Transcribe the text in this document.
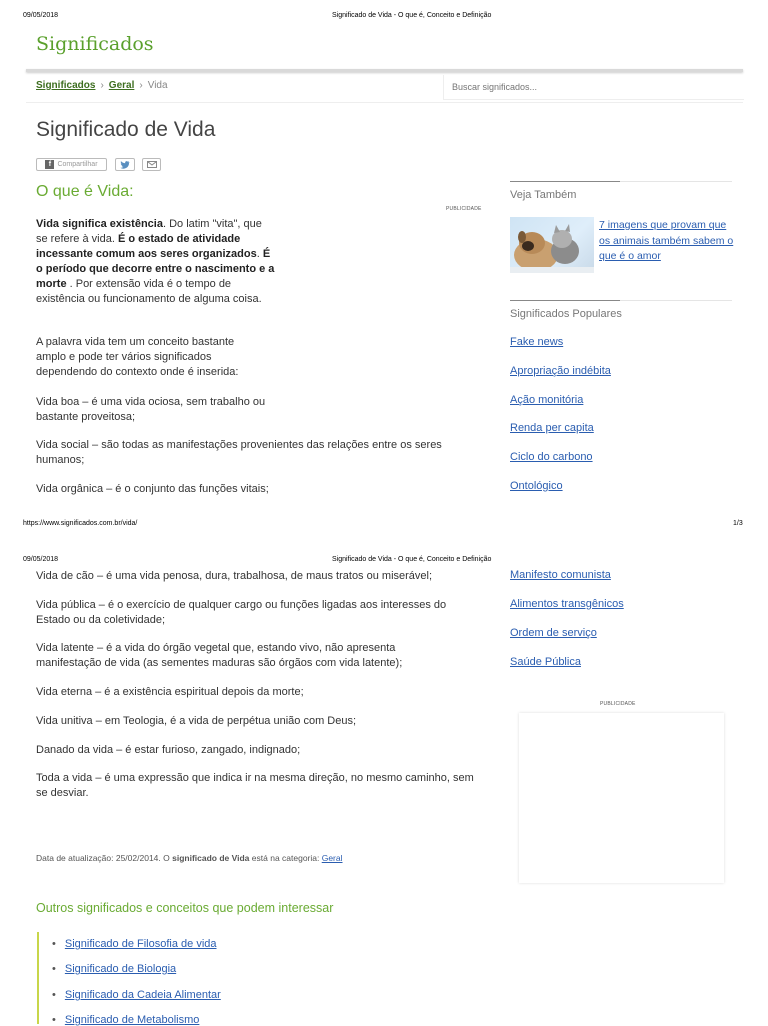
09/05/2018	Significado de Vida - O que é, Conceito e Definição
Significados
Significados › Geral › Vida
Buscar significados...
Significado de Vida
f Compartilhar
O que é Vida:
PUBLICIDADE

Vida significa existência. Do latim "vita", que se refere à vida. É o estado de atividade incessante comum aos seres organizados. É o período que decorre entre o nascimento e a morte . Por extensão vida é o tempo de existência ou funcionamento de alguma coisa.

A palavra vida tem um conceito bastante amplo e pode ter vários significados dependendo do contexto onde é inserida:

Vida boa – é uma vida ociosa, sem trabalho ou bastante proveitosa;

Vida social – são todas as manifestações provenientes das relações entre os seres humanos;

Vida orgânica – é o conjunto das funções vitais;

Veja Também
7 imagens que provam que os animais também sabem o que é o amor
Significados Populares
Fake news
Apropriação indébita
Ação monitória
Renda per capita
Ciclo do carbono
Ontológico
https://www.significados.com.br/vida/	1/3
09/05/2018	Significado de Vida - O que é, Conceito e Definição

Vida de cão – é uma vida penosa, dura, trabalhosa, de maus tratos ou miserável;

Vida pública – é o exercício de qualquer cargo ou funções ligadas aos interesses do Estado ou da coletividade;

Vida latente – é a vida do órgão vegetal que, estando vivo, não apresenta manifestação de vida (as sementes maduras são órgãos com vida latente);

Vida eterna – é a existência espiritual depois da morte;

Vida unitiva – em Teologia, é a vida de perpétua união com Deus;

Danado da vida – é estar furioso, zangado, indignado;

Toda a vida – é uma expressão que indica ir na mesma direção, no mesmo caminho, sem se desviar.

Manifesto comunista
Alimentos transgênicos
Ordem de serviço
Saúde Pública
PUBLICIDADE
Data de atualização: 25/02/2014. O significado de Vida está na categoria: Geral
Outros significados e conceitos que podem interessar
• Significado de Filosofia de vida
• Significado de Biologia
• Significado da Cadeia Alimentar
• Significado de Metabolismo
